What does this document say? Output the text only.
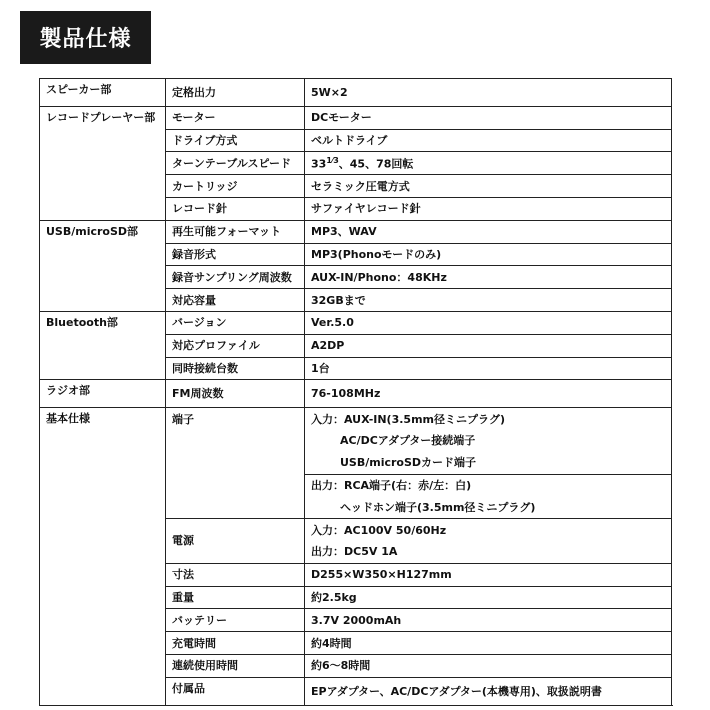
製品仕様
スピーカー部	定格出力	5W×2
レコードプレーヤー部	モーター	DCモーター
	ドライブ方式	ベルトドライブ
	ターンテーブルスピード	$33^{1⁄3}$、45、78回転
	カートリッジ	セラミック圧電方式
	レコード針	サファイヤレコード針
USB/microSD部	再生可能フォーマット	MP3、WAV
	録音形式	MP3(Phonoモードのみ)
	録音サンプリング周波数	AUX-IN/Phono：48KHz
	対応容量	32GBまで
Bluetooth部	バージョン	Ver.5.0
	対応プロファイル	A2DP
	同時接続台数	1台
ラジオ部	FM周波数	76-108MHz
基本仕様	端子	入力：AUX-IN(3.5mm径ミニプラグ)
AC/DCアダプター接続端子
USB/microSDカード端子
出力：RCA端子(右：赤/左：白)
ヘッドホン端子(3.5mm径ミニプラグ)

	電源	入力：AC100V 50/60Hz
出力：DC5V 1A

	寸法	D255×W350×H127mm
	重量	約2.5kg
	バッテリー	3.7V 2000mAh
	充電時間	約4時間
	連続使用時間	約6～8時間
	付属品	EPアダプター、AC/DCアダプター(本機専用)、取扱説明書
